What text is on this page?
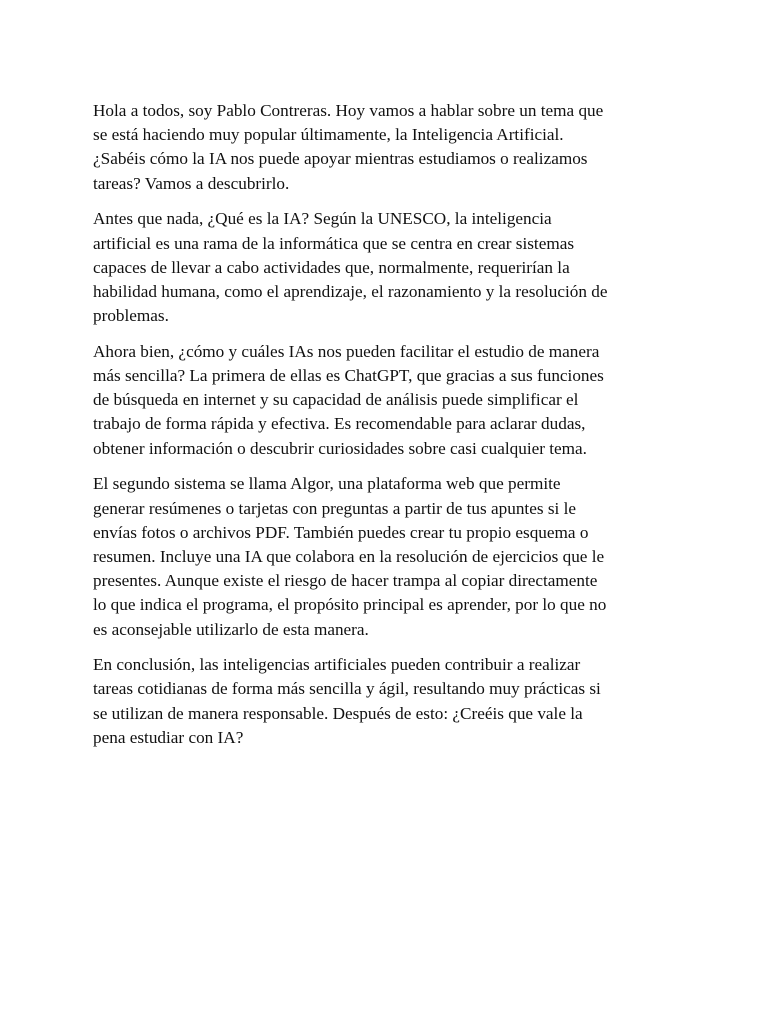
Hola a todos, soy Pablo Contreras. Hoy vamos a hablar sobre un tema que
se está haciendo muy popular últimamente, la Inteligencia Artificial.
¿Sabéis cómo la IA nos puede apoyar mientras estudiamos o realizamos
tareas? Vamos a descubrirlo.

Antes que nada, ¿Qué es la IA? Según la UNESCO, la inteligencia
artificial es una rama de la informática que se centra en crear sistemas
capaces de llevar a cabo actividades que, normalmente, requerirían la
habilidad humana, como el aprendizaje, el razonamiento y la resolución de
problemas.

Ahora bien, ¿cómo y cuáles IAs nos pueden facilitar el estudio de manera
más sencilla? La primera de ellas es ChatGPT, que gracias a sus funciones
de búsqueda en internet y su capacidad de análisis puede simplificar el
trabajo de forma rápida y efectiva. Es recomendable para aclarar dudas,
obtener información o descubrir curiosidades sobre casi cualquier tema.

El segundo sistema se llama Algor, una plataforma web que permite
generar resúmenes o tarjetas con preguntas a partir de tus apuntes si le
envías fotos o archivos PDF. También puedes crear tu propio esquema o
resumen. Incluye una IA que colabora en la resolución de ejercicios que le
presentes. Aunque existe el riesgo de hacer trampa al copiar directamente
lo que indica el programa, el propósito principal es aprender, por lo que no
es aconsejable utilizarlo de esta manera.

En conclusión, las inteligencias artificiales pueden contribuir a realizar
tareas cotidianas de forma más sencilla y ágil, resultando muy prácticas si
se utilizan de manera responsable. Después de esto: ¿Creéis que vale la
pena estudiar con IA?
